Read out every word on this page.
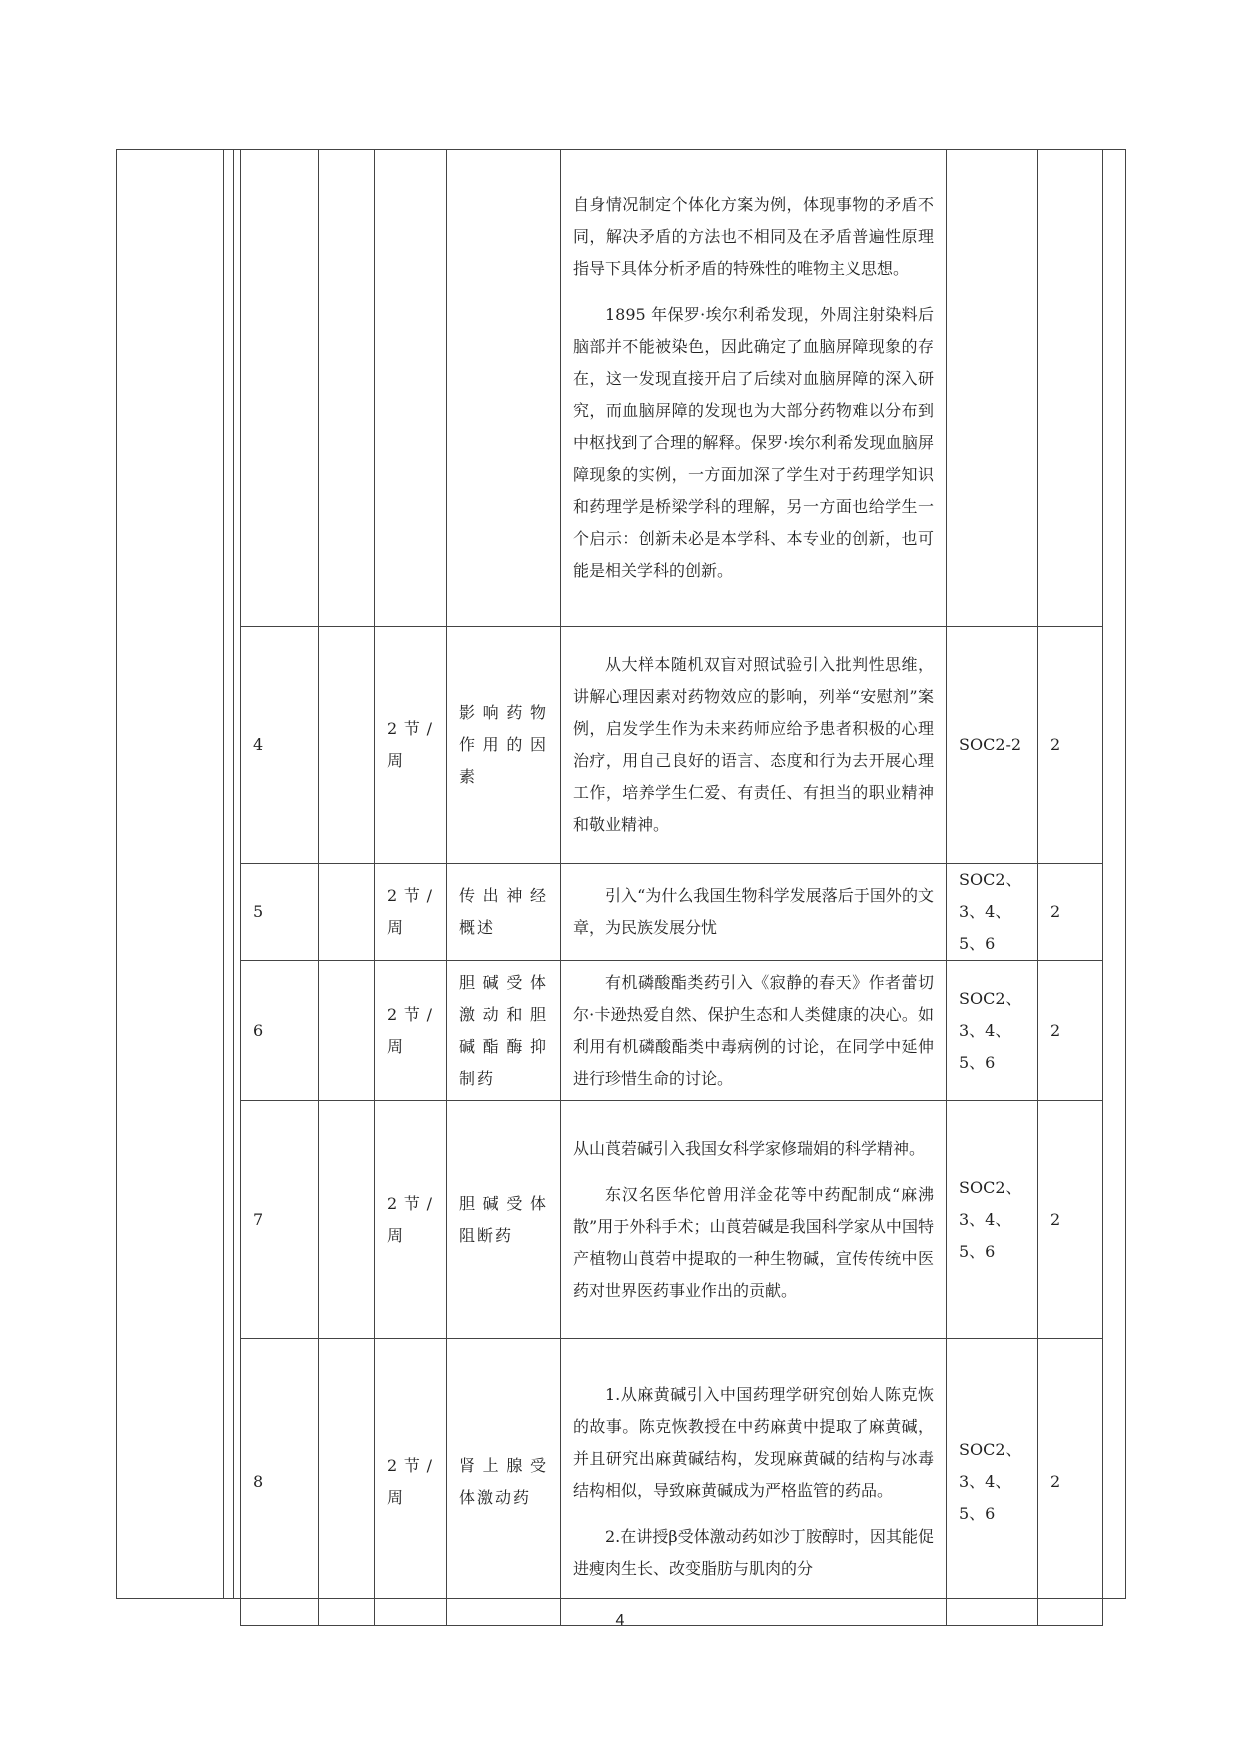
				自身情况制定个体化方案为例，体现事物的矛盾不同，解决矛盾的方法也不相同及在矛盾普遍性原理指导下具体分析矛盾的特殊性的唯物主义思想。

1895 年保罗·埃尔利希发现，外周注射染料后脑部并不能被染色，因此确定了血脑屏障现象的存在，这一发现直接开启了后续对血脑屏障的深入研究，而血脑屏障的发现也为大部分药物难以分布到中枢找到了合理的解释。保罗·埃尔利希发现血脑屏障现象的实例，一方面加深了学生对于药理学知识和药理学是桥梁学科的理解，另一方面也给学生一个启示：创新未必是本学科、本专业的创新，也可能是相关学科的创新。		

4		2节/周	影响药物作用的因素	从大样本随机双盲对照试验引入批判性思维，讲解心理因素对药物效应的影响，列举“安慰剂”案例，启发学生作为未来药师应给予患者积极的心理治疗，用自己良好的语言、态度和行为去开展心理工作，培养学生仁爱、有责任、有担当的职业精神和敬业精神。	SOC2-2	2
5		2节/周	传出神经概述	引入“为什么我国生物科学发展落后于国外的文章，为民族发展分忧	SOC2、3、4、5、6	2
6		2节/周	胆碱受体激动和胆碱酯酶抑制药	有机磷酸酯类药引入《寂静的春天》作者蕾切尔·卡逊热爱自然、保护生态和人类健康的决心。如利用有机磷酸酯类中毒病例的讨论，在同学中延伸进行珍惜生命的讨论。	SOC2、3、4、5、6	2
7		2节/周	胆碱受体阻断药	从山莨菪碱引入我国女科学家修瑞娟的科学精神。

东汉名医华佗曾用洋金花等中药配制成“麻沸散”用于外科手术；山莨菪碱是我国科学家从中国特产植物山莨菪中提取的一种生物碱，宣传传统中医药对世界医药事业作出的贡献。	SOC2、3、4、5、6	2
8		2节/周	肾上腺受体激动药	1.从麻黄碱引入中国药理学研究创始人陈克恢的故事。陈克恢教授在中药麻黄中提取了麻黄碱，并且研究出麻黄碱结构，发现麻黄碱的结构与冰毒结构相似，导致麻黄碱成为严格监管的药品。

2.在讲授β受体激动药如沙丁胺醇时，因其能促进瘦肉生长、改变脂肪与肌肉的分	SOC2、3、4、5、6	2
4
